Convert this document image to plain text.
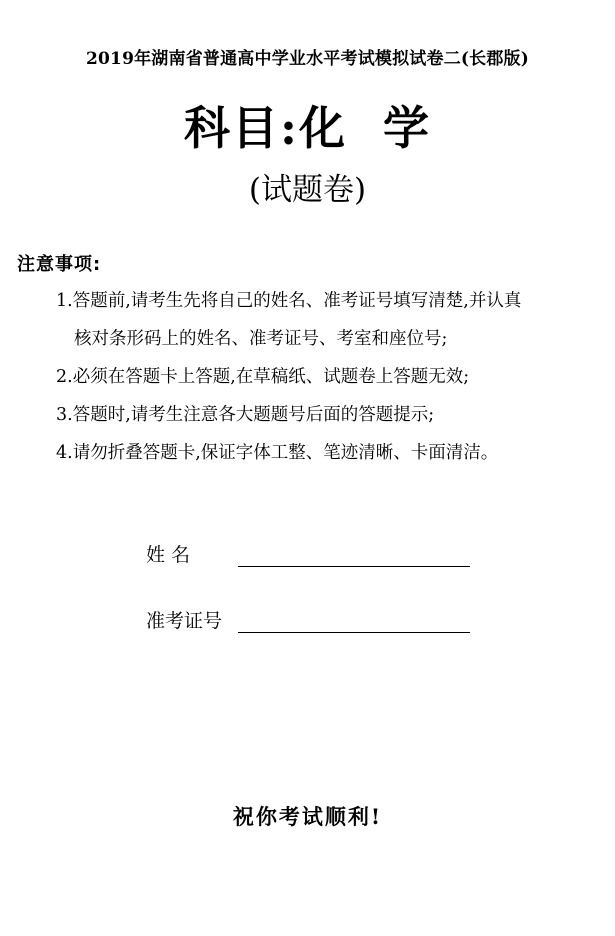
2019年湖南省普通高中学业水平考试模拟试卷二(长郡版)
科目:化  学
(试题卷)
注意事项:
1.答题前,请考生先将自己的姓名、准考证号填写清楚,并认真
核对条形码上的姓名、准考证号、考室和座位号;
2.必须在答题卡上答题,在草稿纸、试题卷上答题无效;
3.答题时,请考生注意各大题题号后面的答题提示;
4.请勿折叠答题卡,保证字体工整、笔迹清晰、卡面清洁。
姓 名
准考证号
祝你考试顺利!
